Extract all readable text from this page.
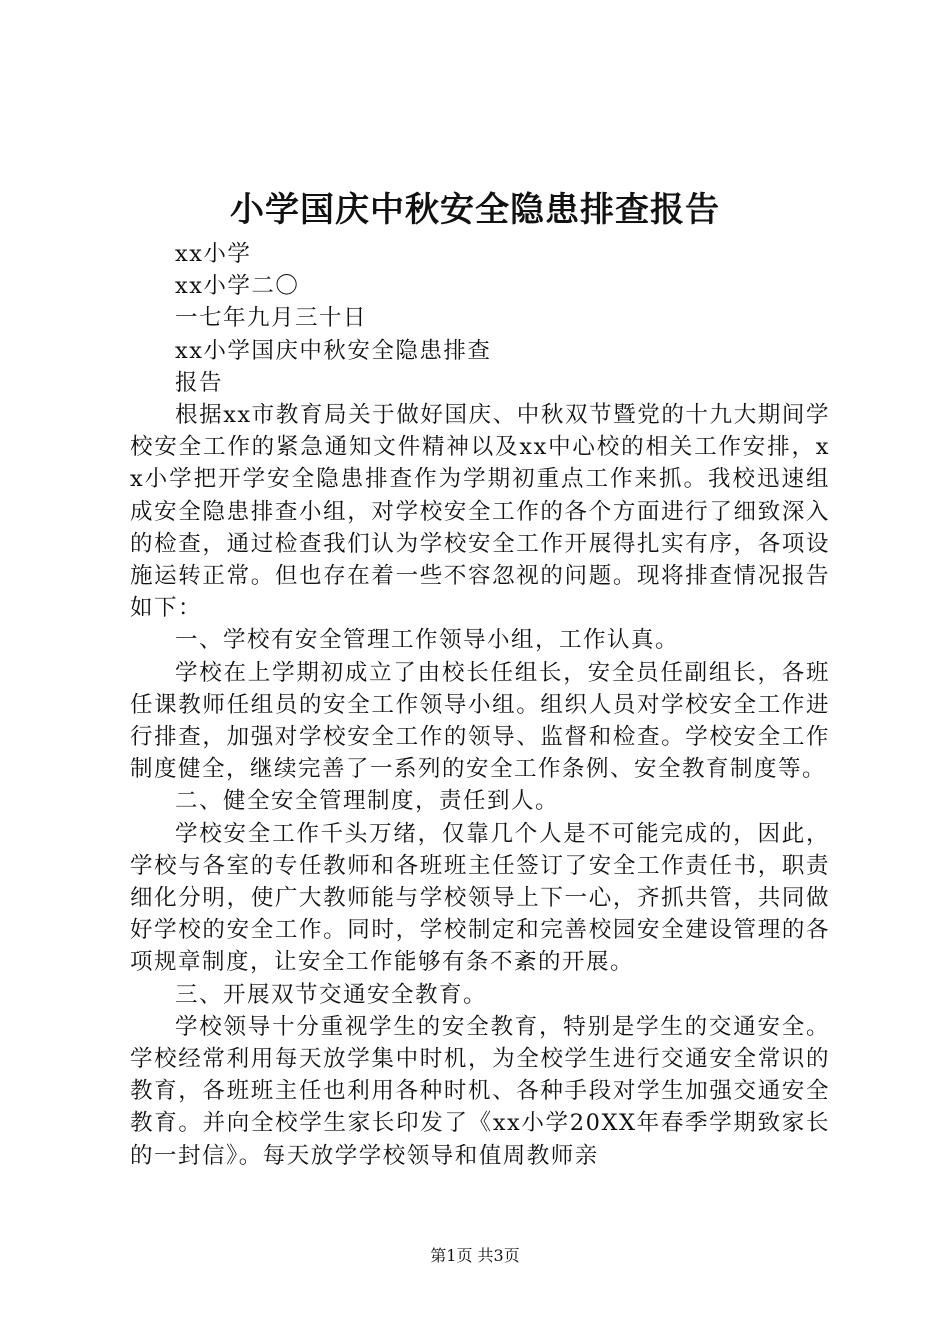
小学国庆中秋安全隐患排查报告

xx小学

xx小学二〇

一七年九月三十日

xx小学国庆中秋安全隐患排查

报告

根据xx市教育局关于做好国庆、中秋双节暨党的十九大期间学校安全工作的紧急通知文件精神以及xx中心校的相关工作安排，xx小学把开学安全隐患排查作为学期初重点工作来抓。我校迅速组成安全隐患排查小组，对学校安全工作的各个方面进行了细致深入的检查，通过检查我们认为学校安全工作开展得扎实有序，各项设施运转正常。但也存在着一些不容忽视的问题。现将排查情况报告如下：

一、学校有安全管理工作领导小组，工作认真。

学校在上学期初成立了由校长任组长，安全员任副组长，各班任课教师任组员的安全工作领导小组。组织人员对学校安全工作进行排查，加强对学校安全工作的领导、监督和检查。学校安全工作制度健全，继续完善了一系列的安全工作条例、安全教育制度等。

二、健全安全管理制度，责任到人。

学校安全工作千头万绪，仅靠几个人是不可能完成的，因此，学校与各室的专任教师和各班班主任签订了安全工作责任书，职责细化分明，使广大教师能与学校领导上下一心，齐抓共管，共同做好学校的安全工作。同时，学校制定和完善校园安全建设管理的各项规章制度，让安全工作能够有条不紊的开展。

三、开展双节交通安全教育。

学校领导十分重视学生的安全教育，特别是学生的交通安全。学校经常利用每天放学集中时机，为全校学生进行交通安全常识的教育，各班班主任也利用各种时机、各种手段对学生加强交通安全教育。并向全校学生家长印发了《xx小学20XX年春季学期致家长的一封信》。每天放学学校领导和值周教师亲

第1页 共3页
